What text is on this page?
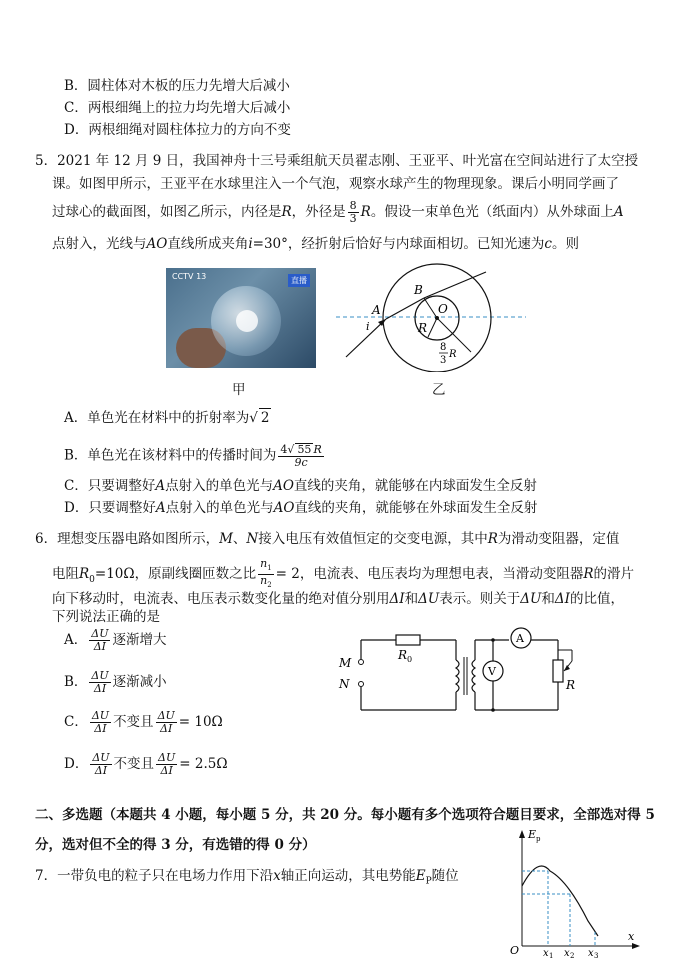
B．圆柱体对木板的压力先增大后减小
C．两根细绳上的拉力均先增大后减小
D．两根细绳对圆柱体拉力的方向不变
5．2021 年 12 月 9 日，我国神舟十三号乘组航天员翟志刚、王亚平、叶光富在空间站进行了太空授
课。如图甲所示，王亚平在水球里注入一个气泡，观察水球产生的物理现象。课后小明同学画了
过球心的截面图，如图乙所示，内径是R，外径是 $\frac{8}{3}$ R。假设一束单色光（纸面内）从外球面上A
点射入，光线与AO直线所成夹角i=30°，经折射后恰好与内球面相切。已知光速为c。则
CCTV 13	直播
甲
A
B
O
R
i
8
3
R
乙
A．单色光在材料中的折射率为√ 2
B．单色光在该材料中的传播时间为 $\frac{4√ 55 R}{9c}$
C．只要调整好A点射入的单色光与AO直线的夹角，就能够在内球面发生全反射
D．只要调整好A点射入的单色光与AO直线的夹角，就能够在外球面发生全反射
6．理想变压器电路如图所示，M、N接入电压有效值恒定的交变电源，其中R为滑动变阻器，定值
电阻$R_0=10\Omega$，原副线圈匝数之比 $\frac{n_1}{n_2} = 2$，电流表、电压表均为理想电表，当滑动变阻器R的滑片
向下移动时，电流表、电压表示数变化量的绝对值分别用ΔI和ΔU表示。则关于ΔU和ΔI的比值，
下列说法正确的是
A． $\frac{\Delta U}{\Delta I}$ 逐渐增大
B． $\frac{\Delta U}{\Delta I}$ 逐渐减小
C． $\frac{\Delta U}{\Delta I}$ 不变且 $\frac{\Delta U}{\Delta I} = 10\Omega$
D． $\frac{\Delta U}{\Delta I}$ 不变且 $\frac{\Delta U}{\Delta I} = 2.5\Omega$
M
N
R 0
A
V
R
二、多选题（本题共 4 小题，每小题 5 分，共 20 分。每小题有多个选项符合题目要求，全部选对得 5
分，选对但不全的得 3 分，有选错的得 0 分）
7．一带负电的粒子只在电场力作用下沿x轴正向运动，其电势能$E_P$随位
E p
O
x
x 1 x 2 x 3
